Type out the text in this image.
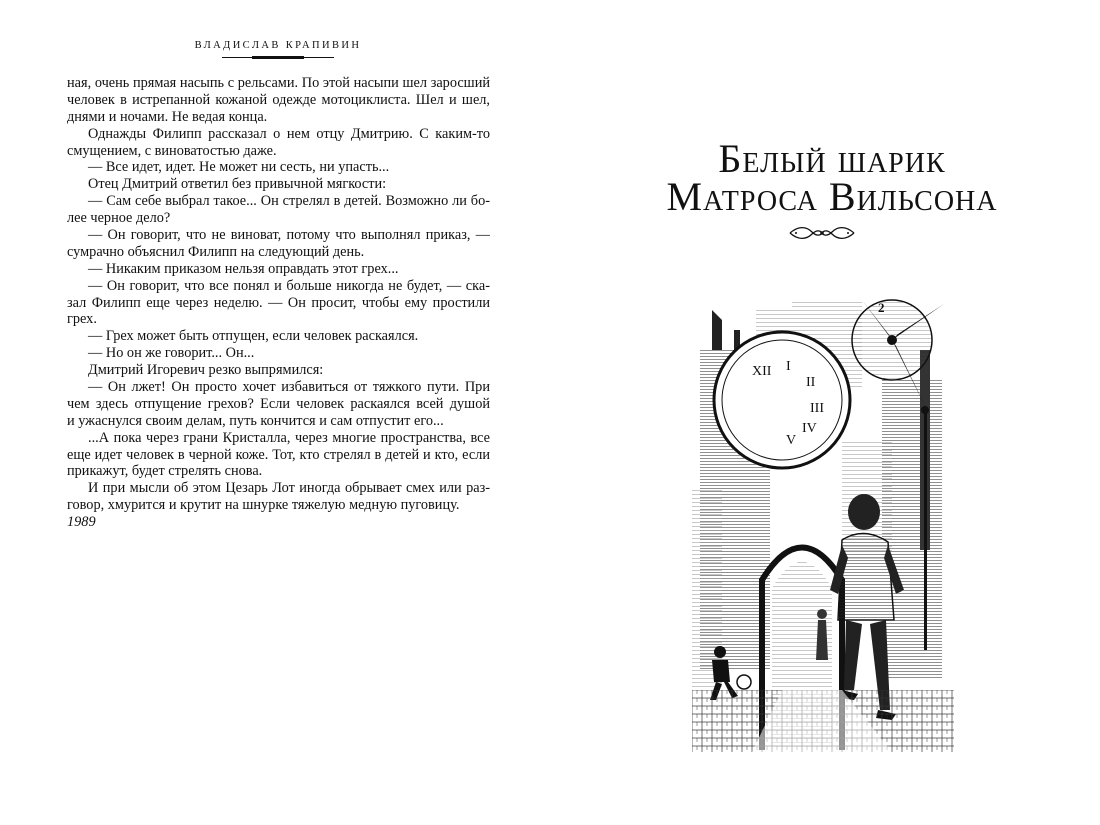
ВЛАДИСЛАВ КРАПИВИН
ная, очень прямая насыпь с рельсами. По этой насыпи шел заросший
человек в истрепанной кожаной одежде мотоциклиста. Шел и шел,
днями и ночами. Не ведая конца.
Однажды Филипп рассказал о нем отцу Дмитрию. С каким-то
смущением, с виноватостью даже.
— Все идет, идет. Не может ни сесть, ни упасть...
Отец Дмитрий ответил без привычной мягкости:
— Сам себе выбрал такое... Он стрелял в детей. Возможно ли бо-
лее черное дело?
— Он говорит, что не виноват, потому что выполнял приказ, —
сумрачно объяснил Филипп на следующий день.
— Никаким приказом нельзя оправдать этот грех...
— Он говорит, что все понял и больше никогда не будет, — ска-
зал Филипп еще через неделю. — Он просит, чтобы ему простили
грех.
— Грех может быть отпущен, если человек раскаялся.
— Но он же говорит... Он...
Дмитрий Игоревич резко выпрямился:
— Он лжет! Он просто хочет избавиться от тяжкого пути. При
чем здесь отпущение грехов? Если человек раскаялся всей душой
и ужаснулся своим делам, путь кончится и сам отпустит его...
...А пока через грани Кристалла, через многие пространства, все
еще идет человек в черной коже. Тот, кто стрелял в детей и кто, если
прикажут, будет стрелять снова.
И при мысли об этом Цезарь Лот иногда обрывает смех или раз-
говор, хмурится и крутит на шнурке тяжелую медную пуговицу.
1989
Белый шарик
Матроса Вильсона
XII I
II
III
IV
V
2
